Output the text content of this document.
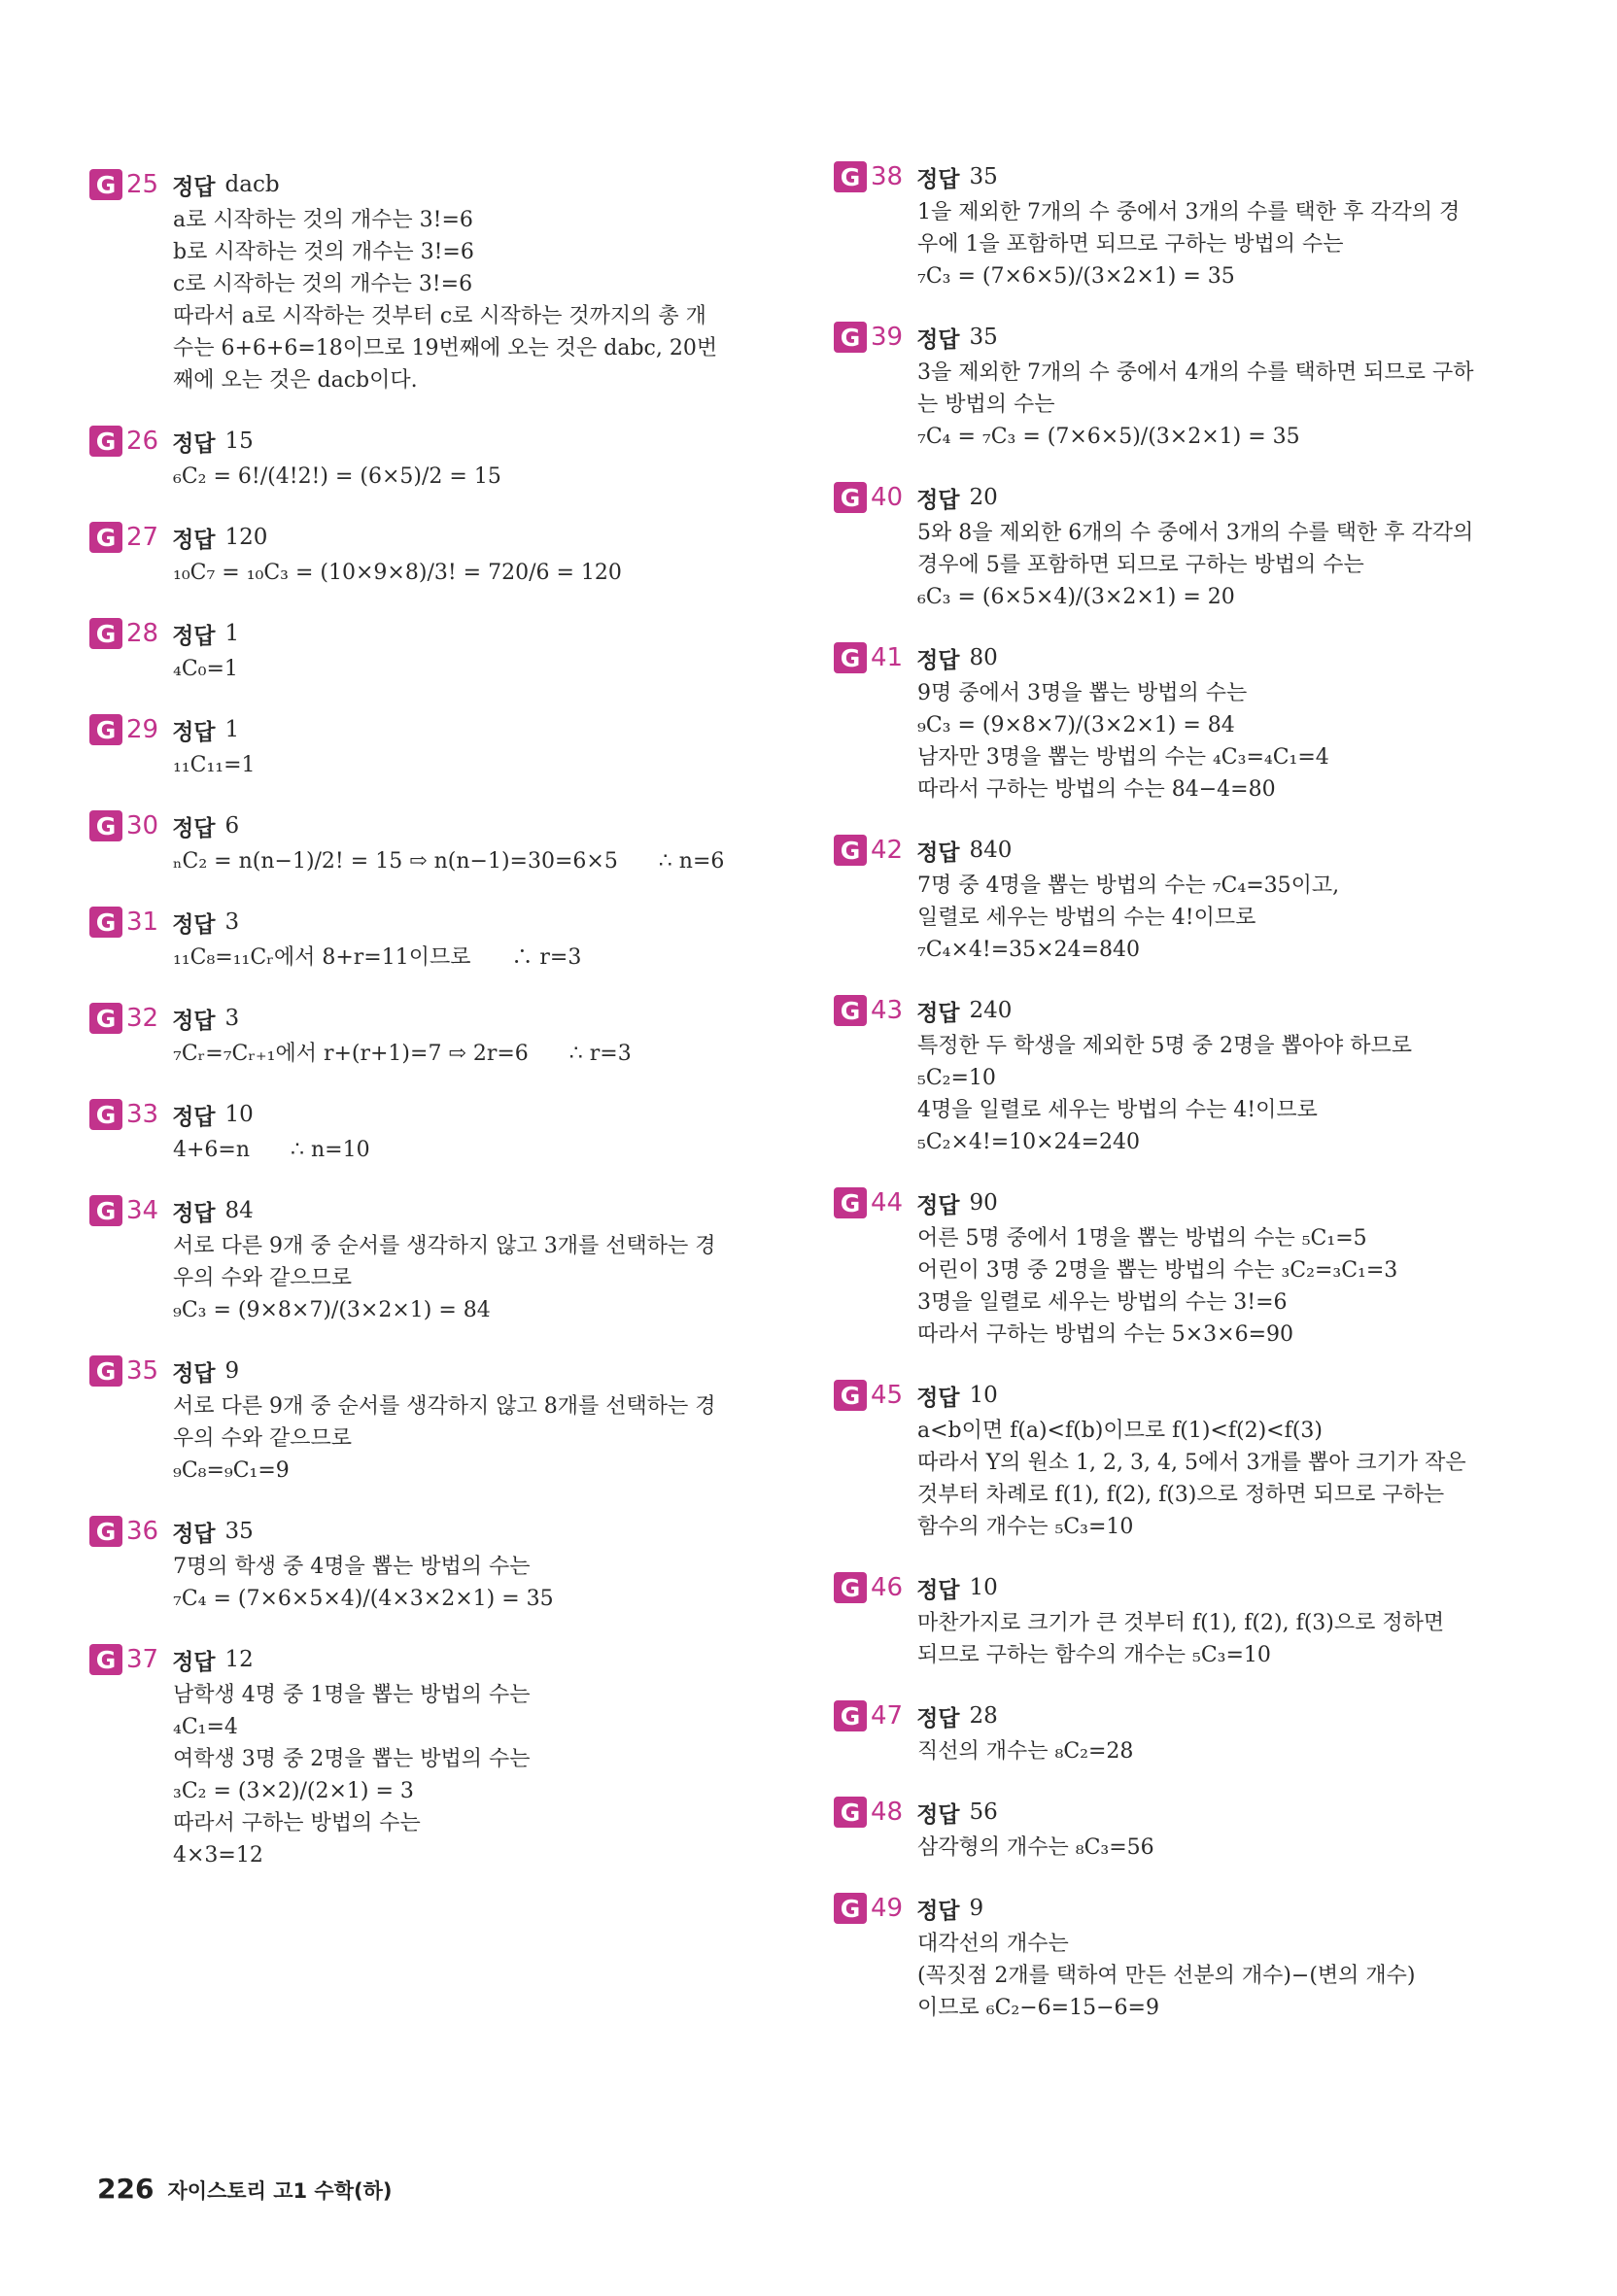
G 25 정답 dacb
a로 시작하는 것의 개수는 3!=6
b로 시작하는 것의 개수는 3!=6
c로 시작하는 것의 개수는 3!=6
따라서 a로 시작하는 것부터 c로 시작하는 것까지의 총 개
수는 6+6+6=18이므로 19번째에 오는 것은 dabc, 20번
째에 오는 것은 dacb이다.
G 26 정답 15
₆C₂ = 6!/(4!2!) = (6×5)/2 = 15
G 27 정답 120
₁₀C₇ = ₁₀C₃ = (10×9×8)/3! = 720/6 = 120
G 28 정답 1
₄C₀=1
G 29 정답 1
₁₁C₁₁=1
G 30 정답 6
ₙC₂ = n(n−1)/2! = 15 ⇨ n(n−1)=30=6×5      ∴ n=6
G 31 정답 3
₁₁C₈=₁₁Cᵣ에서 8+r=11이므로      ∴ r=3
G 32 정답 3
₇Cᵣ=₇Cᵣ₊₁에서 r+(r+1)=7 ⇨ 2r=6      ∴ r=3
G 33 정답 10
4+6=n      ∴ n=10
G 34 정답 84
서로 다른 9개 중 순서를 생각하지 않고 3개를 선택하는 경
우의 수와 같으므로
₉C₃ = (9×8×7)/(3×2×1) = 84
G 35 정답 9
서로 다른 9개 중 순서를 생각하지 않고 8개를 선택하는 경
우의 수와 같으므로
₉C₈=₉C₁=9
G 36 정답 35
7명의 학생 중 4명을 뽑는 방법의 수는
₇C₄ = (7×6×5×4)/(4×3×2×1) = 35
G 37 정답 12
남학생 4명 중 1명을 뽑는 방법의 수는
₄C₁=4
여학생 3명 중 2명을 뽑는 방법의 수는
₃C₂ = (3×2)/(2×1) = 3
따라서 구하는 방법의 수는
4×3=12
G 38 정답 35
1을 제외한 7개의 수 중에서 3개의 수를 택한 후 각각의 경
우에 1을 포함하면 되므로 구하는 방법의 수는
₇C₃ = (7×6×5)/(3×2×1) = 35
G 39 정답 35
3을 제외한 7개의 수 중에서 4개의 수를 택하면 되므로 구하
는 방법의 수는
₇C₄ = ₇C₃ = (7×6×5)/(3×2×1) = 35
G 40 정답 20
5와 8을 제외한 6개의 수 중에서 3개의 수를 택한 후 각각의
경우에 5를 포함하면 되므로 구하는 방법의 수는
₆C₃ = (6×5×4)/(3×2×1) = 20
G 41 정답 80
9명 중에서 3명을 뽑는 방법의 수는
₉C₃ = (9×8×7)/(3×2×1) = 84
남자만 3명을 뽑는 방법의 수는 ₄C₃=₄C₁=4
따라서 구하는 방법의 수는 84−4=80
G 42 정답 840
7명 중 4명을 뽑는 방법의 수는 ₇C₄=35이고,
일렬로 세우는 방법의 수는 4!이므로
₇C₄×4!=35×24=840
G 43 정답 240
특정한 두 학생을 제외한 5명 중 2명을 뽑아야 하므로
₅C₂=10
4명을 일렬로 세우는 방법의 수는 4!이므로
₅C₂×4!=10×24=240
G 44 정답 90
어른 5명 중에서 1명을 뽑는 방법의 수는 ₅C₁=5
어린이 3명 중 2명을 뽑는 방법의 수는 ₃C₂=₃C₁=3
3명을 일렬로 세우는 방법의 수는 3!=6
따라서 구하는 방법의 수는 5×3×6=90
G 45 정답 10
a<b이면 f(a)<f(b)이므로 f(1)<f(2)<f(3)
따라서 Y의 원소 1, 2, 3, 4, 5에서 3개를 뽑아 크기가 작은
것부터 차례로 f(1), f(2), f(3)으로 정하면 되므로 구하는
함수의 개수는 ₅C₃=10
G 46 정답 10
마찬가지로 크기가 큰 것부터 f(1), f(2), f(3)으로 정하면
되므로 구하는 함수의 개수는 ₅C₃=10
G 47 정답 28
직선의 개수는 ₈C₂=28
G 48 정답 56
삼각형의 개수는 ₈C₃=56
G 49 정답 9
대각선의 개수는
(꼭짓점 2개를 택하여 만든 선분의 개수)−(변의 개수)
이므로 ₆C₂−6=15−6=9
226 자이스토리 고1 수학(하)
